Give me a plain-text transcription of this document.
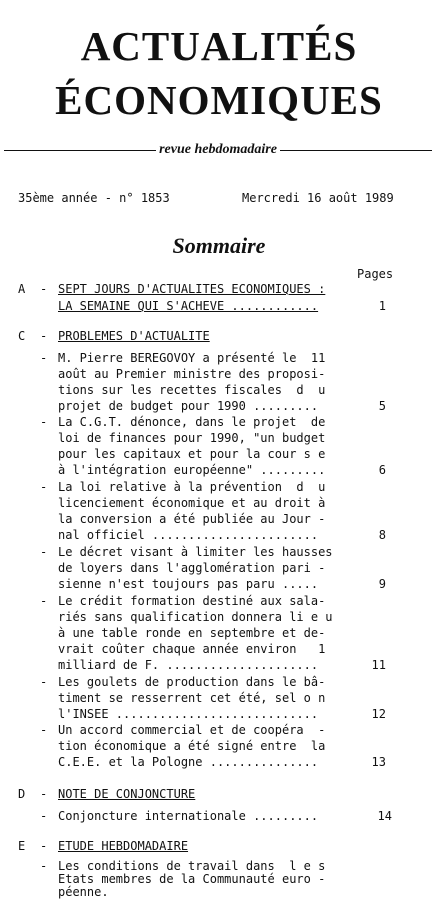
ACTUALITÉS
ÉCONOMIQUES
revue hebdomadaire
35ème année - n° 1853	Mercredi 16 août 1989
Sommaire
Pages
A - SEPT JOURS D'ACTUALITES ECONOMIQUES :
LA SEMAINE QUI S'ACHEVE ............	1
C - PROBLEMES D'ACTUALITE
- M. Pierre BEREGOVOY a présenté le  11
août au Premier ministre des proposi-
tions sur les recettes fiscales  d  u
projet de budget pour 1990 .........	5
- La C.G.T. dénonce, dans le projet  de
loi de finances pour 1990, "un budget
pour les capitaux et pour la cour s e
à l'intégration européenne" .........	6
- La loi relative à la prévention  d  u
licenciement économique et au droit à
la conversion a été publiée au Jour -
nal officiel .......................	8
- Le décret visant à limiter les hausses
de loyers dans l'agglomération pari -
sienne n'est toujours pas paru .....	9
- Le crédit formation destiné aux sala-
riés sans qualification donnera li e u
à une table ronde en septembre et de-
vrait coûter chaque année environ   1
milliard de F. .....................	11
- Les goulets de production dans le bâ-
timent se resserrent cet été, sel o n
l'INSEE ............................	12
- Un accord commercial et de coopéra  -
tion économique a été signé entre  la
C.E.E. et la Pologne ...............	13
D - NOTE DE CONJONCTURE
- Conjoncture internationale .........	14
E - ETUDE HEBDOMADAIRE
- Les conditions de travail dans  l e s
Etats membres de la Communauté euro -
péenne.
